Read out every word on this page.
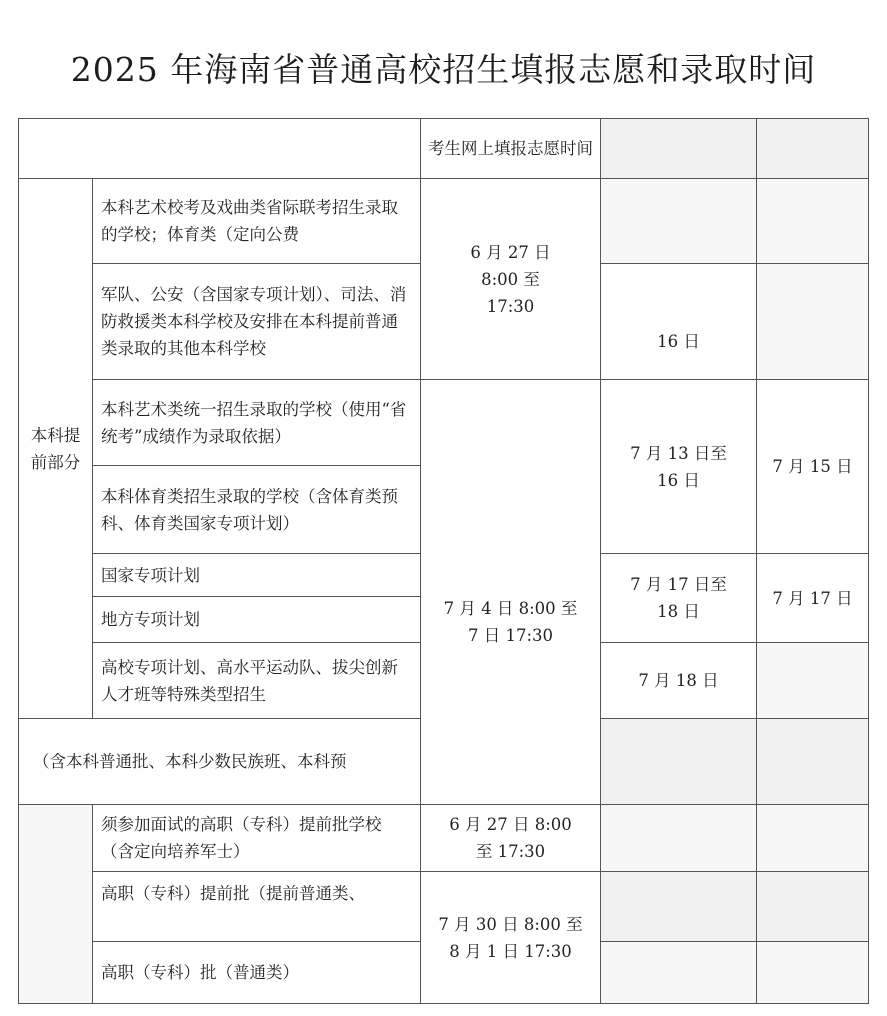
2025 年海南省普通高校招生填报志愿和录取时间

		考生网上填报志愿时间		

本科提前部分	本科艺术校考及戏曲类省际联考招生录取的学校；体育类（定向公费	6 月 27 日 8:00 至 17:30		

	军队、公安（含国家专项计划）、司法、消防救援类本科学校及安排在本科提前普通类录取的其他本科学校		16 日	
	本科艺术类统一招生录取的学校（使用“省统考”成绩作为录取依据）	7 月 4 日 8:00 至 7 日 17:30	7 月 13 日至 16 日	7 月 15 日

	本科体育类招生录取的学校（含体育类预科、体育类国家专项计划）			
	国家专项计划		7 月 17 日至 18 日	7 月 17 日

	地方专项计划			
	高校专项计划、高水平运动队、拔尖创新人才班等特殊类型招生		7 月 18 日	
（含本科普通批、本科少数民族班、本科预				
	须参加面试的高职（专科）提前批学校（含定向培养军士）	6 月 27 日 8:00 至 17:30		

	高职（专科）提前批（提前普通类、	7 月 30 日 8:00 至 8 月 1 日 17:30		

	高职（专科）批（普通类）			
